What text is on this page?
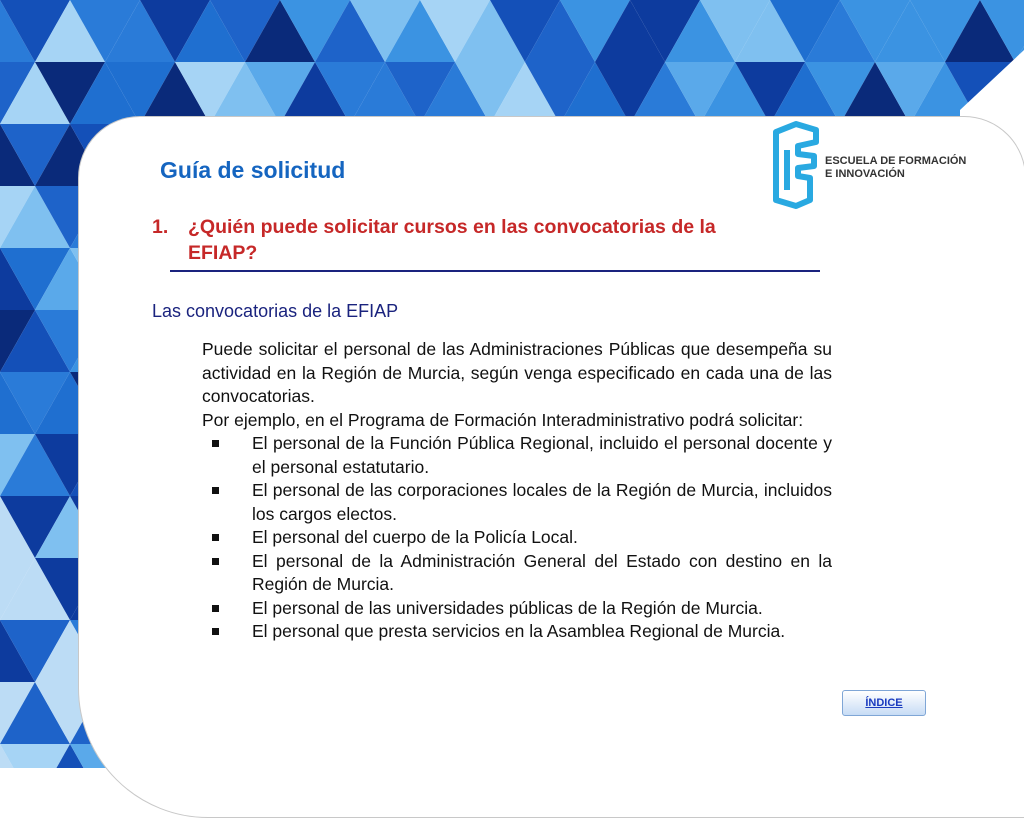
Guía de solicitud	ESCUELA DE FORMACIÓN
E INNOVACIÓN
1. ¿Quién puede solicitar cursos en las convocatorias de la
EFIAP?
Las convocatorias de la EFIAP

Puede solicitar el personal de las Administraciones Públicas que desempeña su actividad en la Región de Murcia, según venga especificado en cada una de las convocatorias.

Por ejemplo, en el Programa de Formación Interadministrativo podrá solicitar:

El personal de la Función Pública Regional, incluido el personal docente y el personal estatutario.
El personal de las corporaciones locales de la Región de Murcia, incluidos los cargos electos.
El personal del cuerpo de la Policía Local.
El personal de la Administración General del Estado con destino en la Región de Murcia.
El personal de las universidades públicas de la Región de Murcia.
El personal que presta servicios en la Asamblea Regional de Murcia.
ÍNDICE
